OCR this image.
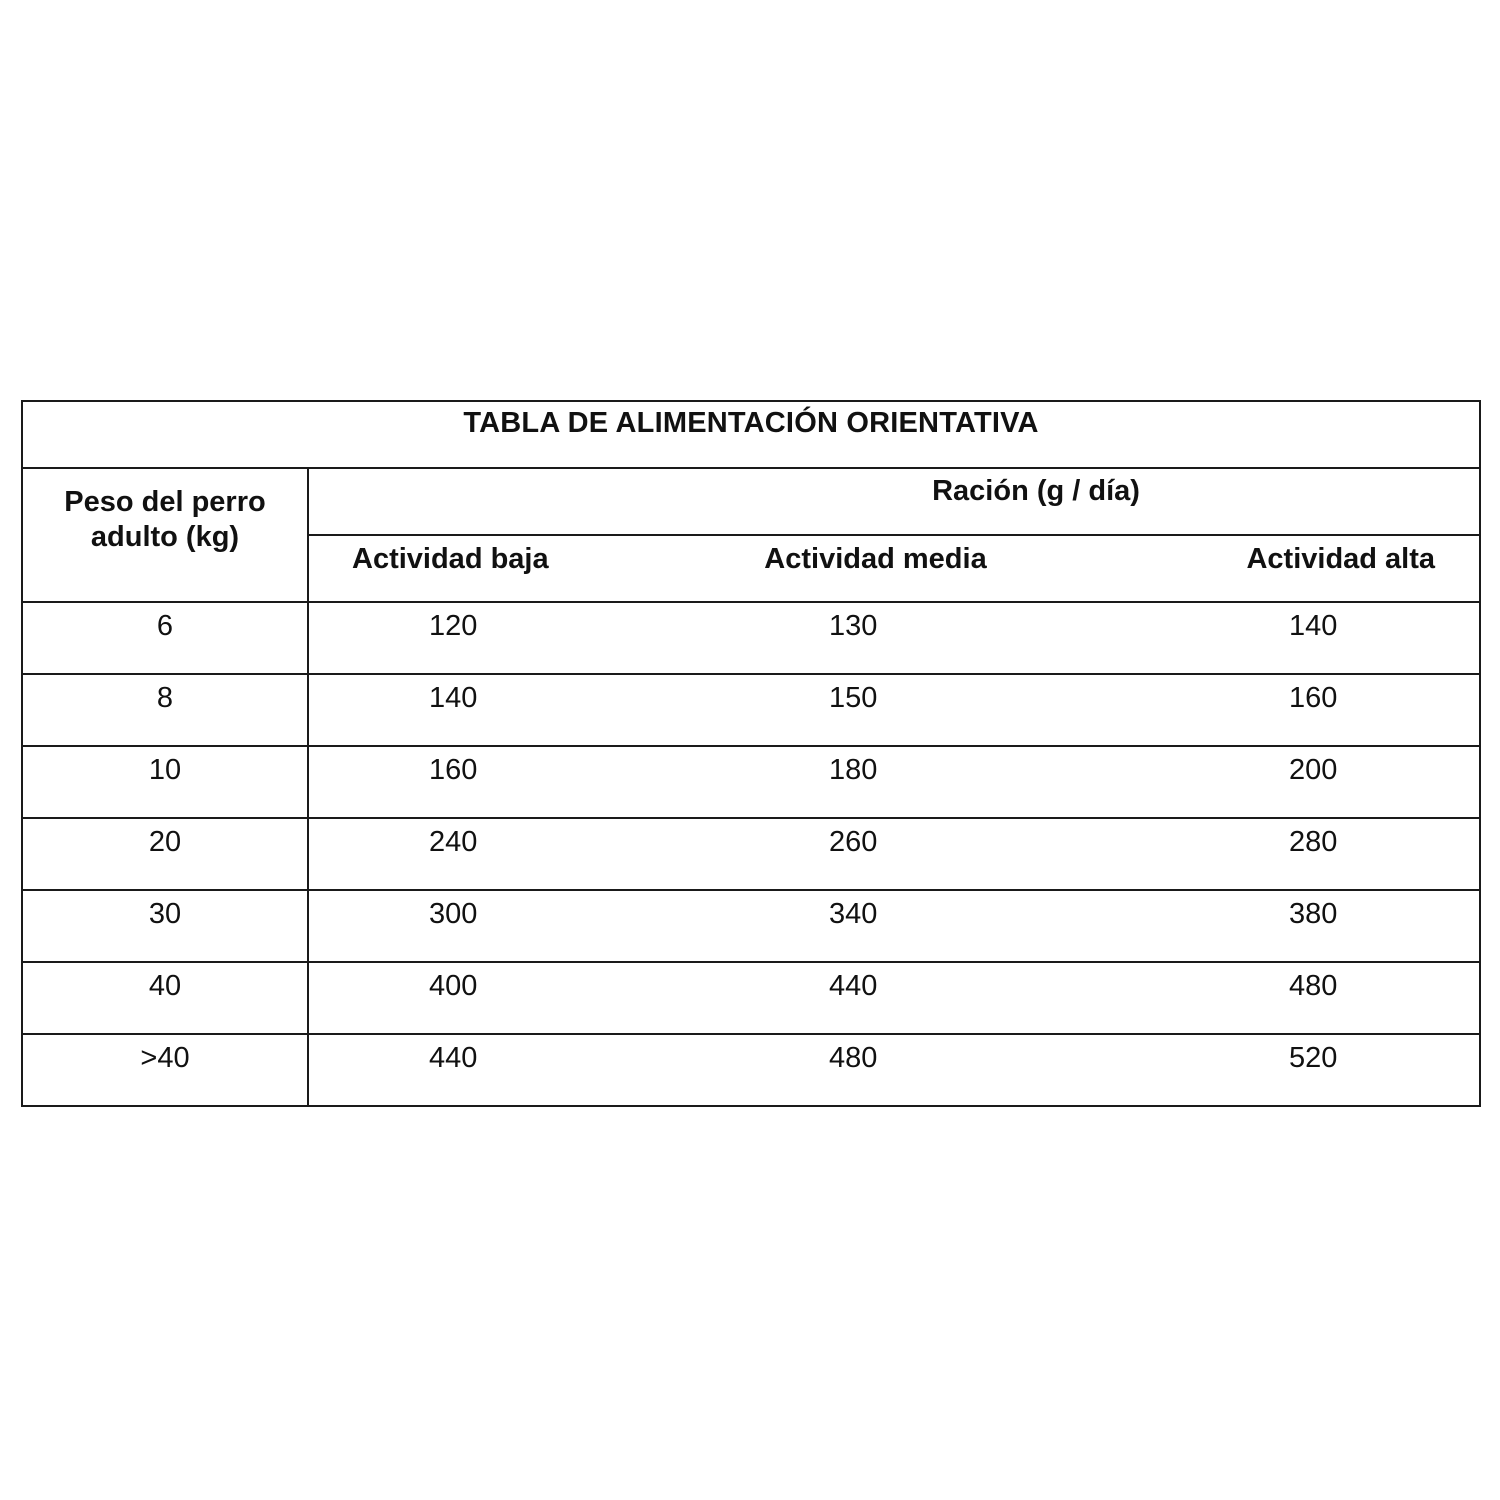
TABLA DE ALIMENTACIÓN ORIENTATIVA			
Peso del perro
adulto (kg)	Ración (g / día)		
	Actividad baja	Actividad media	Actividad alta
6	120	130	140
8	140	150	160
10	160	180	200
20	240	260	280
30	300	340	380
40	400	440	480
>40	440	480	520
